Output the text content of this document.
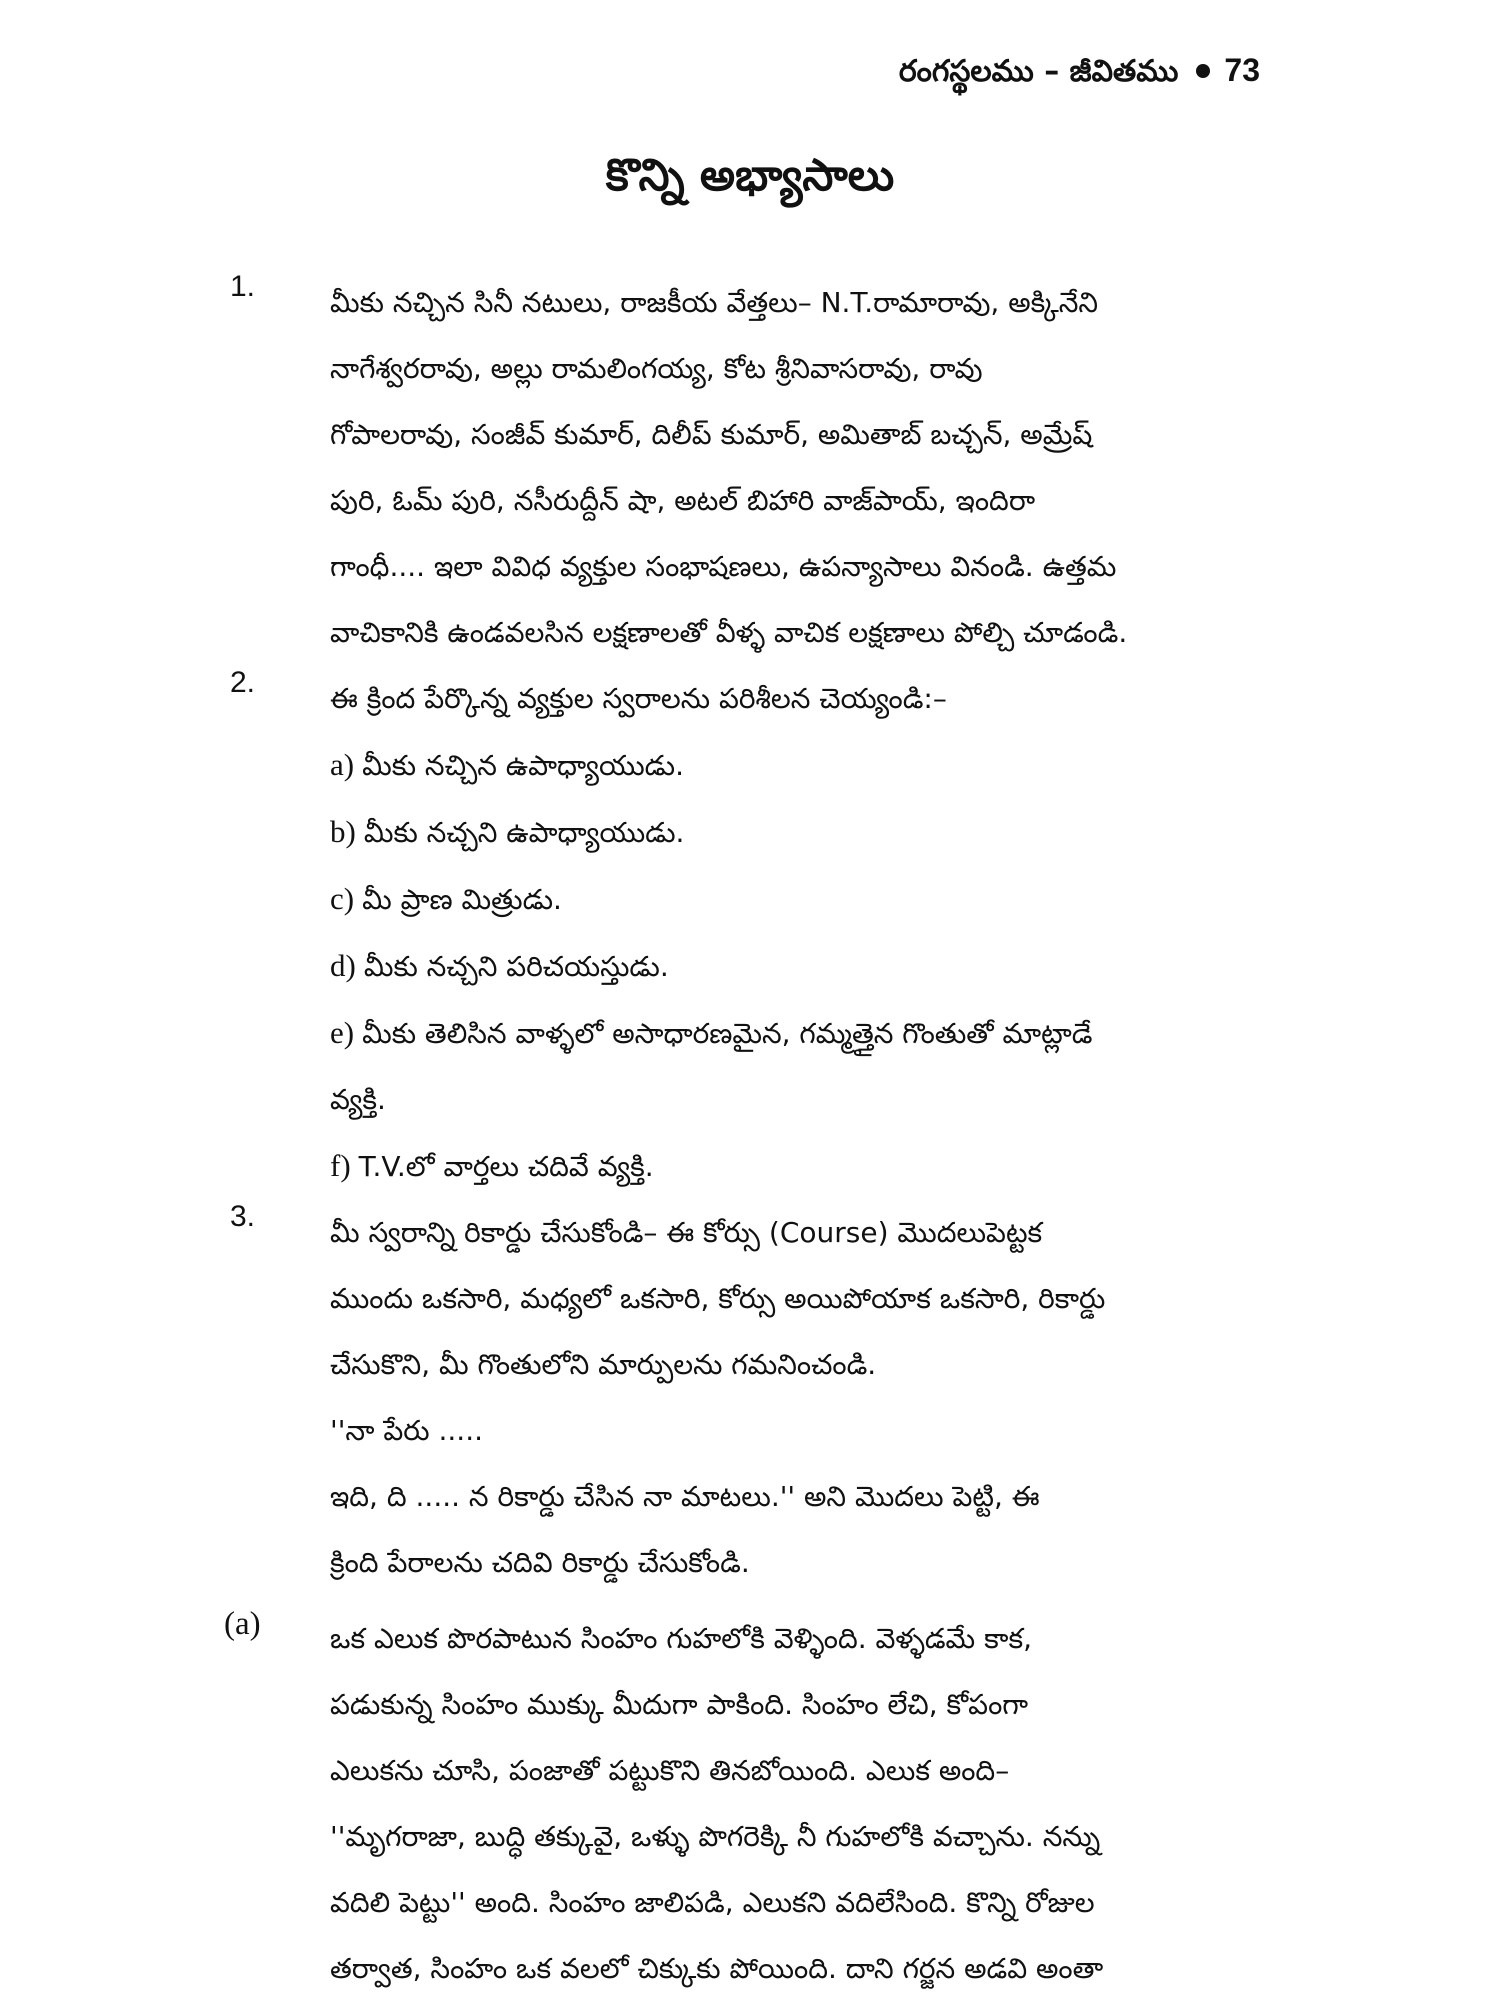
రంగస్థలము – జీవితము 73
కొన్ని అభ్యాసాలు
1.	మీకు నచ్చిన సినీ నటులు, రాజకీయ వేత్తలు– N.T.రామారావు, అక్కినేని

నాగేశ్వరరావు, అల్లు రామలింగయ్య, కోట శ్రీనివాసరావు, రావు

గోపాలరావు, సంజీవ్ కుమార్, దిలీప్ కుమార్, అమితాబ్ బచ్చన్, అమ్రేష్

పురి, ఓమ్ పురి, నసీరుద్దీన్ షా, అటల్ బిహారి వాజ్‌పాయ్, ఇందిరా

గాంధీ.... ఇలా వివిధ వ్యక్తుల సంభాషణలు, ఉపన్యాసాలు వినండి. ఉత్తమ

వాచికానికి ఉండవలసిన లక్షణాలతో వీళ్ళ వాచిక లక్షణాలు పోల్చి చూడండి.

2.	ఈ క్రింద పేర్కొన్న వ్యక్తుల స్వరాలను పరిశీలన చెయ్యండి:–

a) మీకు నచ్చిన ఉపాధ్యాయుడు.

b) మీకు నచ్చని ఉపాధ్యాయుడు.

c) మీ ప్రాణ మిత్రుడు.

d) మీకు నచ్చని పరిచయస్తుడు.

e) మీకు తెలిసిన వాళ్ళలో అసాధారణమైన, గమ్మత్తైన గొంతుతో మాట్లాడే

వ్యక్తి.

f) T.V.లో వార్తలు చదివే వ్యక్తి.

3.	మీ స్వరాన్ని రికార్డు చేసుకోండి– ఈ కోర్సు (Course) మొదలుపెట్టక

ముందు ఒకసారి, మధ్యలో ఒకసారి, కోర్సు అయిపోయాక ఒకసారి, రికార్డు

చేసుకొని, మీ గొంతులోని మార్పులను గమనించండి.

''నా పేరు .....

ఇది, ది ..... న రికార్డు చేసిన నా మాటలు.'' అని మొదలు పెట్టి, ఈ

క్రింది పేరాలను చదివి రికార్డు చేసుకోండి.

(a)	ఒక ఎలుక పొరపాటున సింహం గుహలోకి వెళ్ళింది. వెళ్ళడమే కాక,

పడుకున్న సింహం ముక్కు మీదుగా పాకింది. సింహం లేచి, కోపంగా

ఎలుకను చూసి, పంజాతో పట్టుకొని తినబోయింది. ఎలుక అంది–

''మృగరాజా, బుద్ధి తక్కువై, ఒళ్ళు పొగరెక్కి నీ గుహలోకి వచ్చాను. నన్ను

వదిలి పెట్టు'' అంది. సింహం జాలిపడి, ఎలుకని వదిలేసింది. కొన్ని రోజుల

తర్వాత, సింహం ఒక వలలో చిక్కుకు పోయింది. దాని గర్జన అడవి అంతా
